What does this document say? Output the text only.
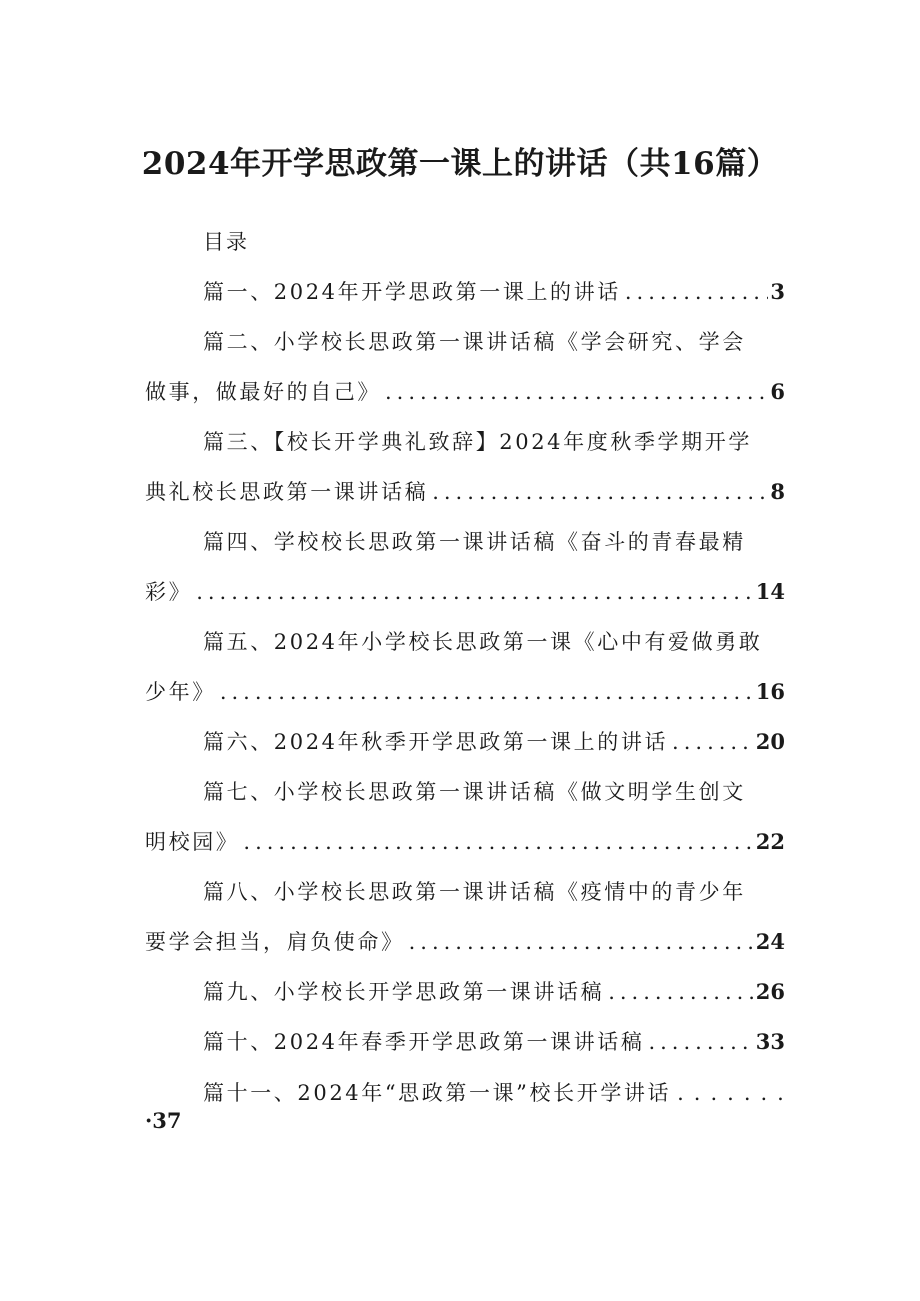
2024年开学思政第一课上的讲话（共16篇）
目录
篇一、2024年开学思政第一课上的讲话 .....	3
篇二、小学校长思政第一课讲话稿《学会研究、学会
做事，做最好的自己》 .....	6
篇三、【校长开学典礼致辞】2024年度秋季学期开学
典礼校长思政第一课讲话稿 .....	8
篇四、学校校长思政第一课讲话稿《奋斗的青春最精
彩》 .....	14
篇五、2024年小学校长思政第一课《心中有爱做勇敢
少年》 .....	16
篇六、2024年秋季开学思政第一课上的讲话 .....	20
篇七、小学校长思政第一课讲话稿《做文明学生创文
明校园》 .....	22
篇八、小学校长思政第一课讲话稿《疫情中的青少年
要学会担当，肩负使命》 .....	24
篇九、小学校长开学思政第一课讲话稿 .....	26
篇十、2024年春季开学思政第一课讲话稿 .....	33
篇十一、2024年“思政第一课”校长开学讲话 .......
·37
